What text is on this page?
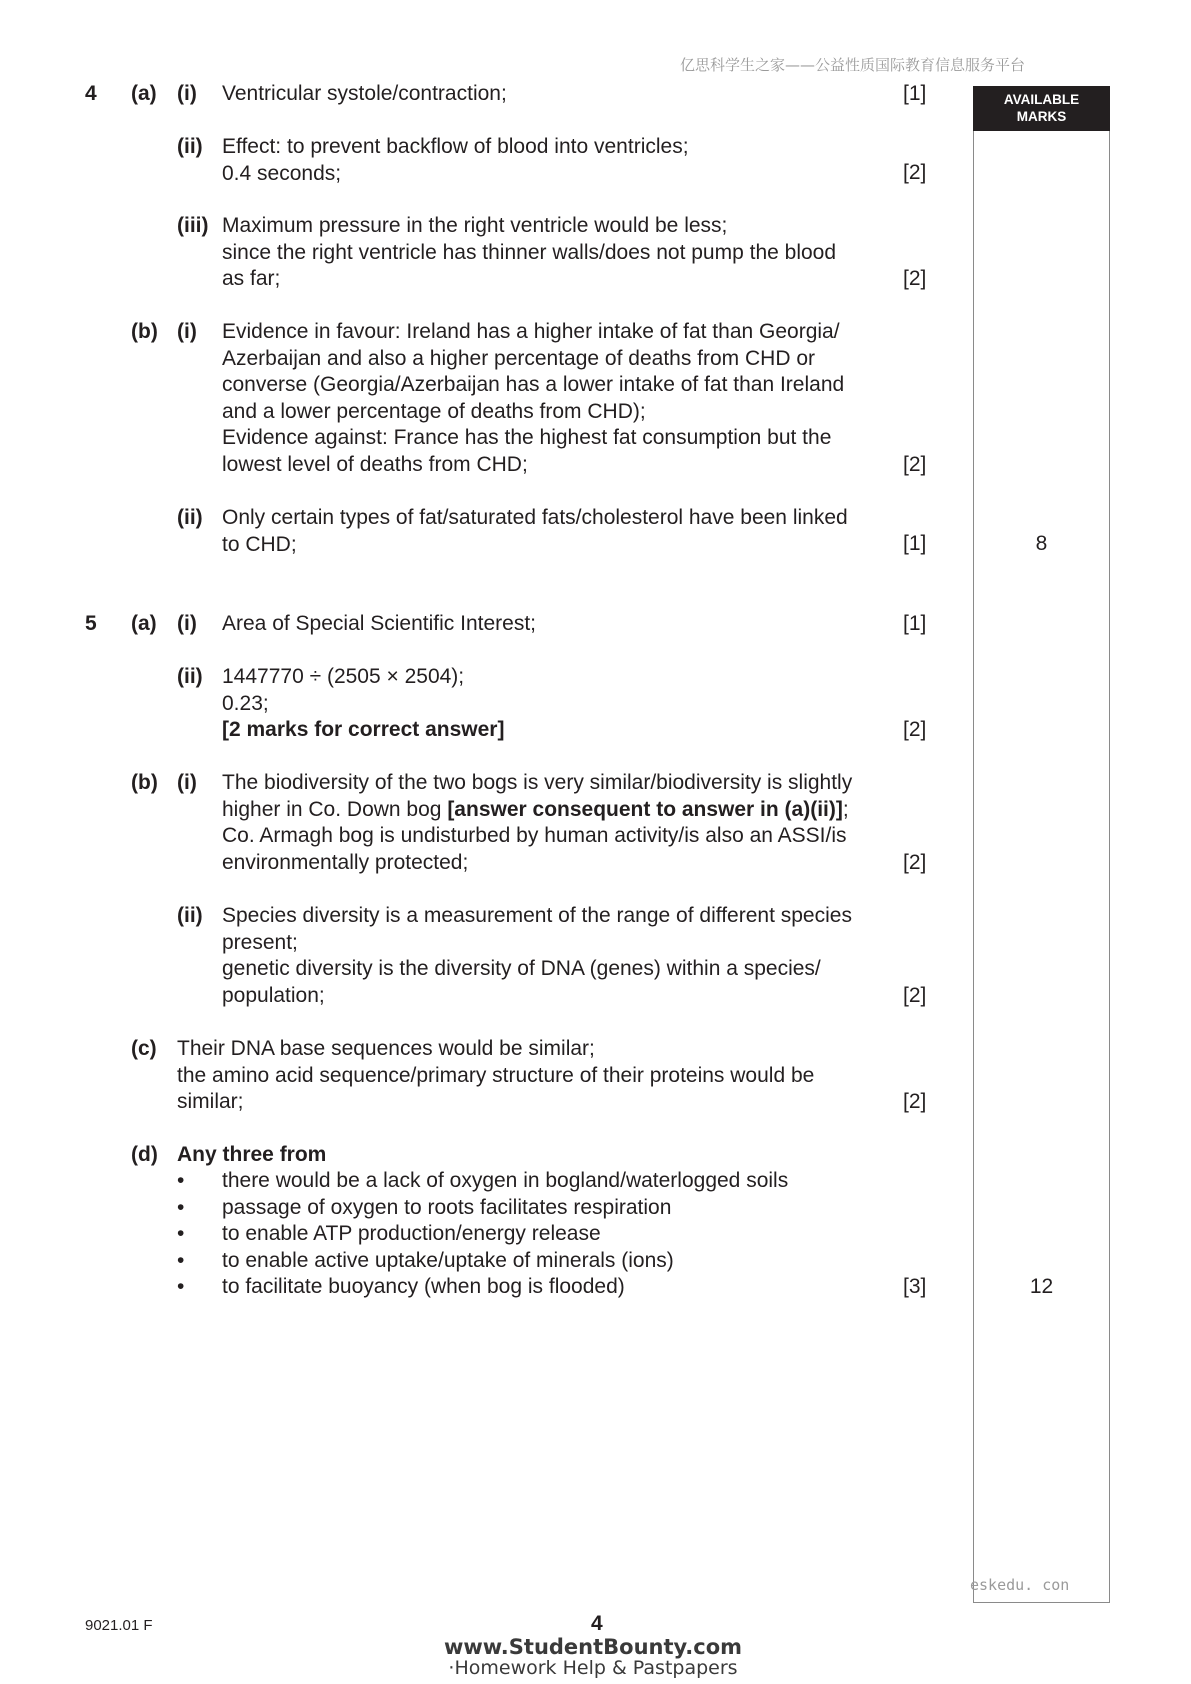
亿思科学生之家——公益性质国际教育信息服务平台
AVAILABLE
MARKS
4 (a) (i) Ventricular systole/contraction;	[1]
(ii) Effect: to prevent backflow of blood into ventricles;
0.4 seconds;	[2]
(iii) Maximum pressure in the right ventricle would be less;
since the right ventricle has thinner walls/does not pump the blood
as far;	[2]
(b) (i) Evidence in favour: Ireland has a higher intake of fat than Georgia/
Azerbaijan and also a higher percentage of deaths from CHD or
converse (Georgia/Azerbaijan has a lower intake of fat than Ireland
and a lower percentage of deaths from CHD);
Evidence against: France has the highest fat consumption but the
lowest level of deaths from CHD;	[2]
(ii) Only certain types of fat/saturated fats/cholesterol have been linked
to CHD;	[1]	8
5 (a) (i) Area of Special Scientific Interest;	[1]
(ii) 1447770 ÷ (2505 × 2504);
0.23;
[2 marks for correct answer]	[2]
(b) (i) The biodiversity of the two bogs is very similar/biodiversity is slightly
higher in Co. Down bog [answer consequent to answer in (a)(ii)];
Co. Armagh bog is undisturbed by human activity/is also an ASSI/is
environmentally protected;	[2]
(ii) Species diversity is a measurement of the range of different species
present;
genetic diversity is the diversity of DNA (genes) within a species/
population;	[2]
(c) Their DNA base sequences would be similar;
the amino acid sequence/primary structure of their proteins would be
similar;	[2]
(d) Any three from
• there would be a lack of oxygen in bogland/waterlogged soils
• passage of oxygen to roots facilitates respiration
• to enable ATP production/energy release
• to enable active uptake/uptake of minerals (ions)
• to facilitate buoyancy (when bog is flooded)	[3]	12
eskedu. con
9021.01 F	4
www.StudentBounty.com
·Homework Help & Pastpapers
